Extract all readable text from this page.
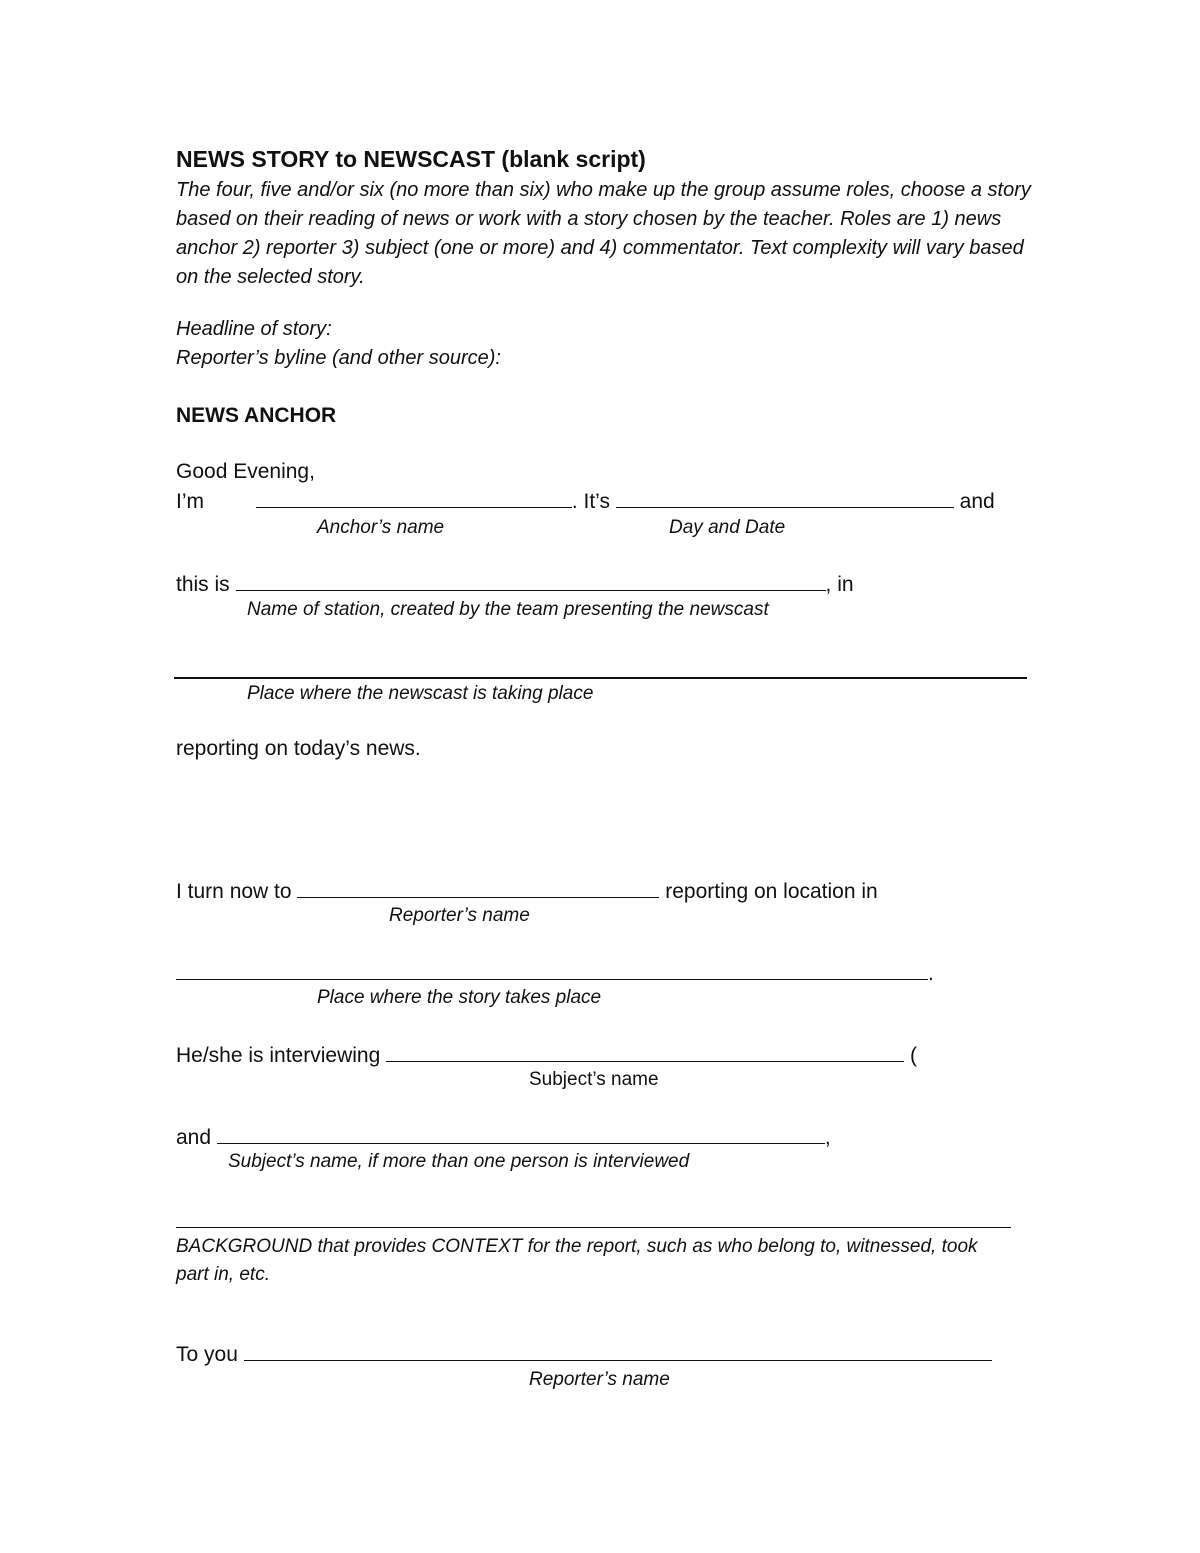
NEWS STORY to NEWSCAST (blank script)
The four, five and/or six (no more than six) who make up the group assume roles, choose a story based on their reading of news or work with a story chosen by the teacher. Roles are 1) news anchor 2) reporter 3) subject (one or more) and 4) commentator. Text complexity will vary based on the selected story.
Headline of story:
Reporter’s byline (and other source):
NEWS ANCHOR
Good Evening,
I’m	. It’s	and
Anchor’s name	Day and Date
this is	, in
Name of station, created by the team presenting the newscast
Place where the newscast is taking place
reporting on today’s news.
I turn now to	reporting on location in
Reporter’s name
.
Place where the story takes place
He/she is interviewing	(
Subject’s name
and	,
Subject’s name, if more than one person is interviewed
BACKGROUND that provides CONTEXT for the report, such as who belong to, witnessed, took part in, etc.
To you
Reporter’s name
